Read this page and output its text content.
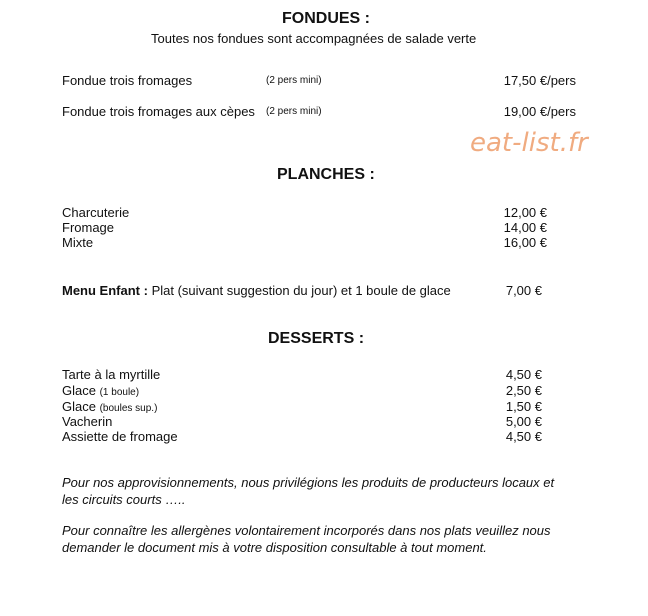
FONDUES :
Toutes nos fondues sont accompagnées de salade verte
Fondue trois fromages	(2 pers mini)	17,50 €/pers
Fondue trois fromages aux cèpes (2 pers mini)	19,00 €/pers
eat-list.fr
PLANCHES :
Charcuterie	12,00 €
Fromage	14,00 €
Mixte	16,00 €
Menu Enfant : Plat (suivant suggestion du jour) et 1 boule de glace	7,00 €
DESSERTS :
Tarte à la myrtille	4,50 €
Glace (1 boule)	2,50 €
Glace (boules sup.)	1,50 €
Vacherin	5,00 €
Assiette de fromage	4,50 €
Pour nos approvisionnements, nous privilégions les produits de producteurs locaux et
les circuits courts …..
Pour connaître les allergènes volontairement incorporés dans nos plats veuillez nous
demander le document mis à votre disposition consultable à tout moment.
